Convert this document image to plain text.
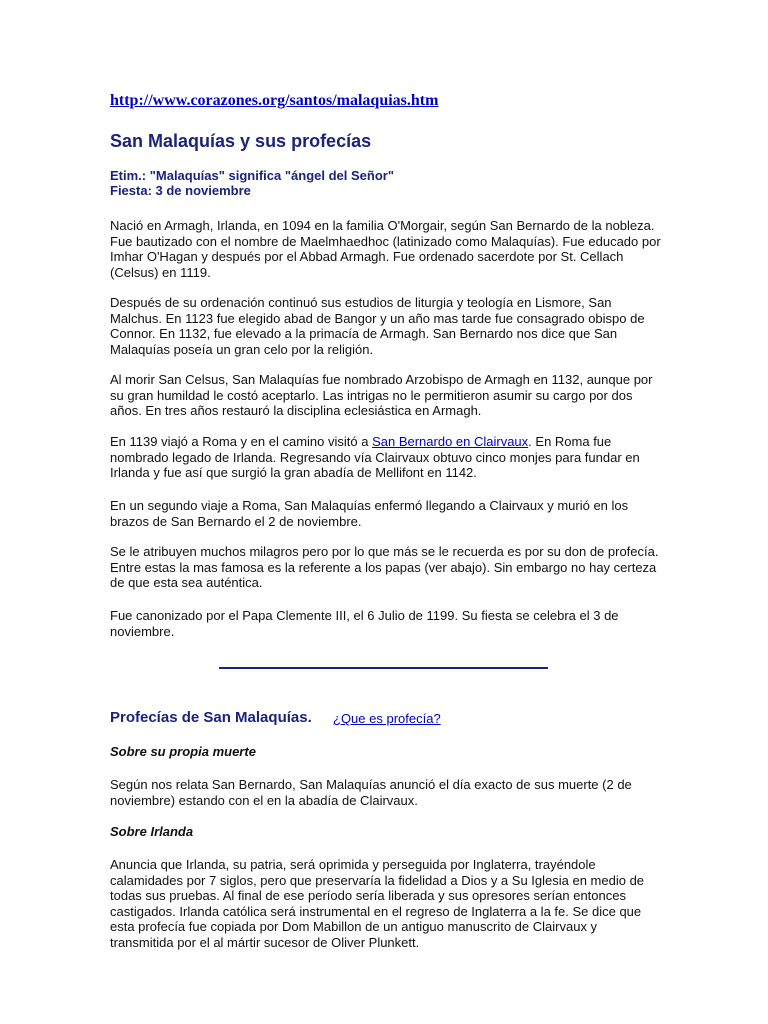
http://www.corazones.org/santos/malaquias.htm
San Malaquías y sus profecías
Etim.: "Malaquías" significa "ángel del Señor"
Fiesta: 3 de noviembre
Nació en Armagh, Irlanda, en 1094 en la familia O'Morgair, según San Bernardo de la nobleza.
Fue bautizado con el nombre de Maelmhaedhoc (latinizado como Malaquías). Fue educado por
Imhar O'Hagan y después por el Abbad Armagh. Fue ordenado sacerdote por St. Cellach
(Celsus) en 1119.
Después de su ordenación continuó sus estudios de liturgia y teología en Lismore, San
Malchus. En 1123 fue elegido abad de Bangor y un año mas tarde fue consagrado obispo de
Connor. En 1132, fue elevado a la primacía de Armagh. San Bernardo nos dice que San
Malaquías poseía un gran celo por la religión.
Al morir San Celsus, San Malaquías fue nombrado Arzobispo de Armagh en 1132, aunque por
su gran humildad le costó aceptarlo. Las intrigas no le permitieron asumir su cargo por dos
años. En tres años restauró la disciplina eclesiástica en Armagh.
En 1139 viajó a Roma y en el camino visitó a San Bernardo en Clairvaux. En Roma fue
nombrado legado de Irlanda. Regresando vía Clairvaux obtuvo cinco monjes para fundar en
Irlanda y fue así que surgió la gran abadía de Mellifont en 1142.
En un segundo viaje a Roma, San Malaquías enfermó llegando a Clairvaux y murió en los
brazos de San Bernardo el 2 de noviembre.
Se le atribuyen muchos milagros pero por lo que más se le recuerda es por su don de profecía.
Entre estas la mas famosa es la referente a los papas (ver abajo). Sin embargo no hay certeza
de que esta sea auténtica.
Fue canonizado por el Papa Clemente III, el 6 Julio de 1199. Su fiesta se celebra el 3 de
noviembre.
Profecías de San Malaquías. ¿Que es profecía?
Sobre su propia muerte
Según nos relata San Bernardo, San Malaquías anunció el día exacto de sus muerte (2 de
noviembre) estando con el en la abadía de Clairvaux.
Sobre Irlanda
Anuncia que Irlanda, su patria, será oprimida y perseguida por Inglaterra, trayéndole
calamidades por 7 siglos, pero que preservaría la fidelidad a Dios y a Su Iglesia en medio de
todas sus pruebas. Al final de ese período sería liberada y sus opresores serían entonces
castigados. Irlanda católica será instrumental en el regreso de Inglaterra a la fe. Se dice que
esta profecía fue copiada por Dom Mabillon de un antiguo manuscrito de Clairvaux y
transmitida por el al mártir sucesor de Oliver Plunkett.
